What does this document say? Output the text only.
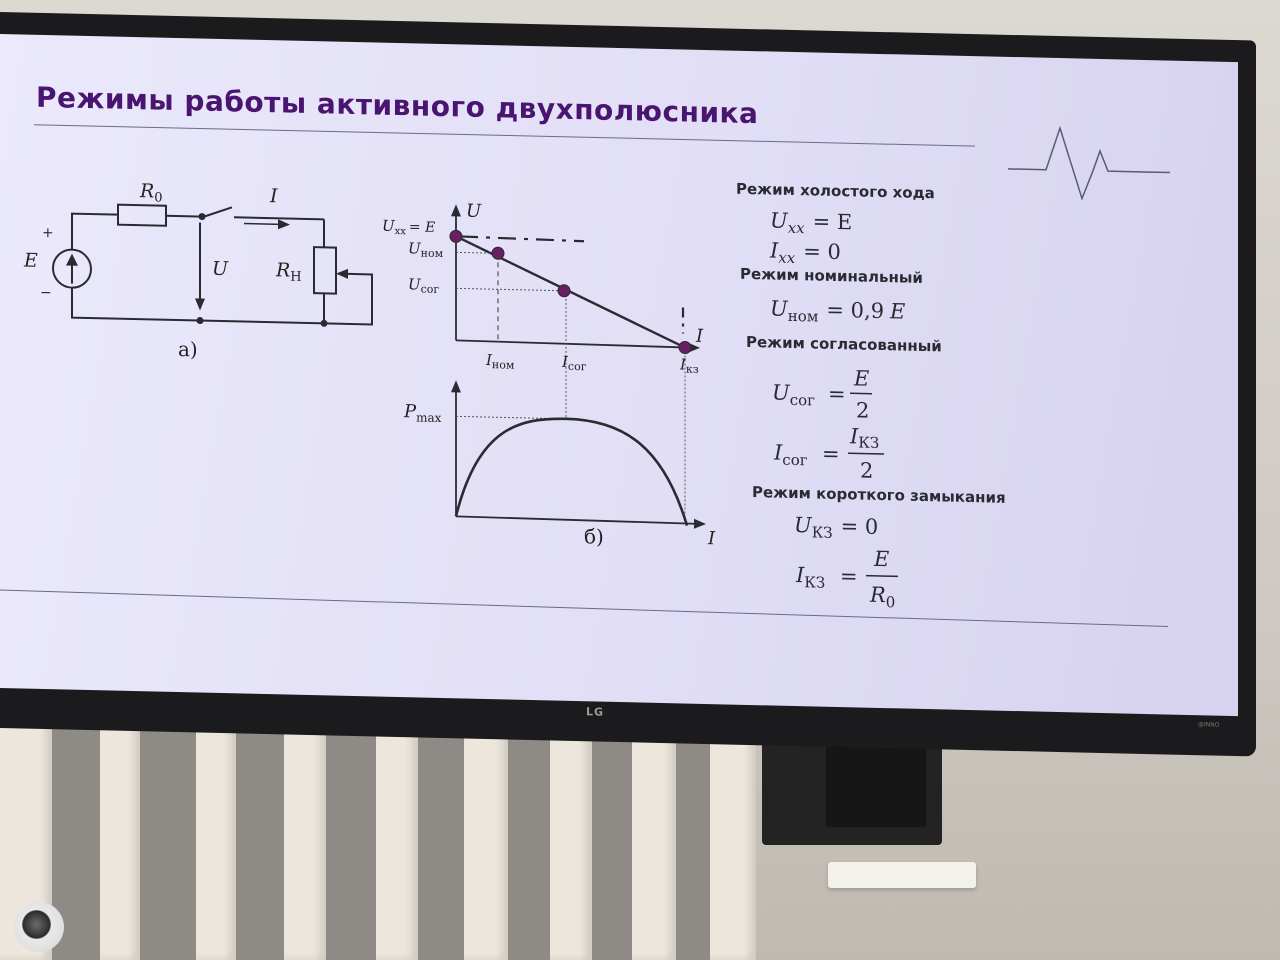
Режимы работы активного двухполюсника
$R_0$	I
E
+
−
U	$R_Н$
а)
U
I
$U_{xx} = E$
$U_{ном}$
$U_{сог}$
$I_{ном}$	$I_{сог}$	$I_{кз}$
$P_{max}$
I
б)
Режим холостого хода
$U_{xx} = E$
$I_{xx} = 0$
Режим номинальный
$U_{ном} = 0,9$ E
Режим согласованный
$U_{сог}$ =
E
2
$I_{сог}$ =
IКЗ
2
Режим короткого замыкания
$U_{КЗ} = 0$
$I_{КЗ}$ =
E
$R_0$
LG
@INNO
